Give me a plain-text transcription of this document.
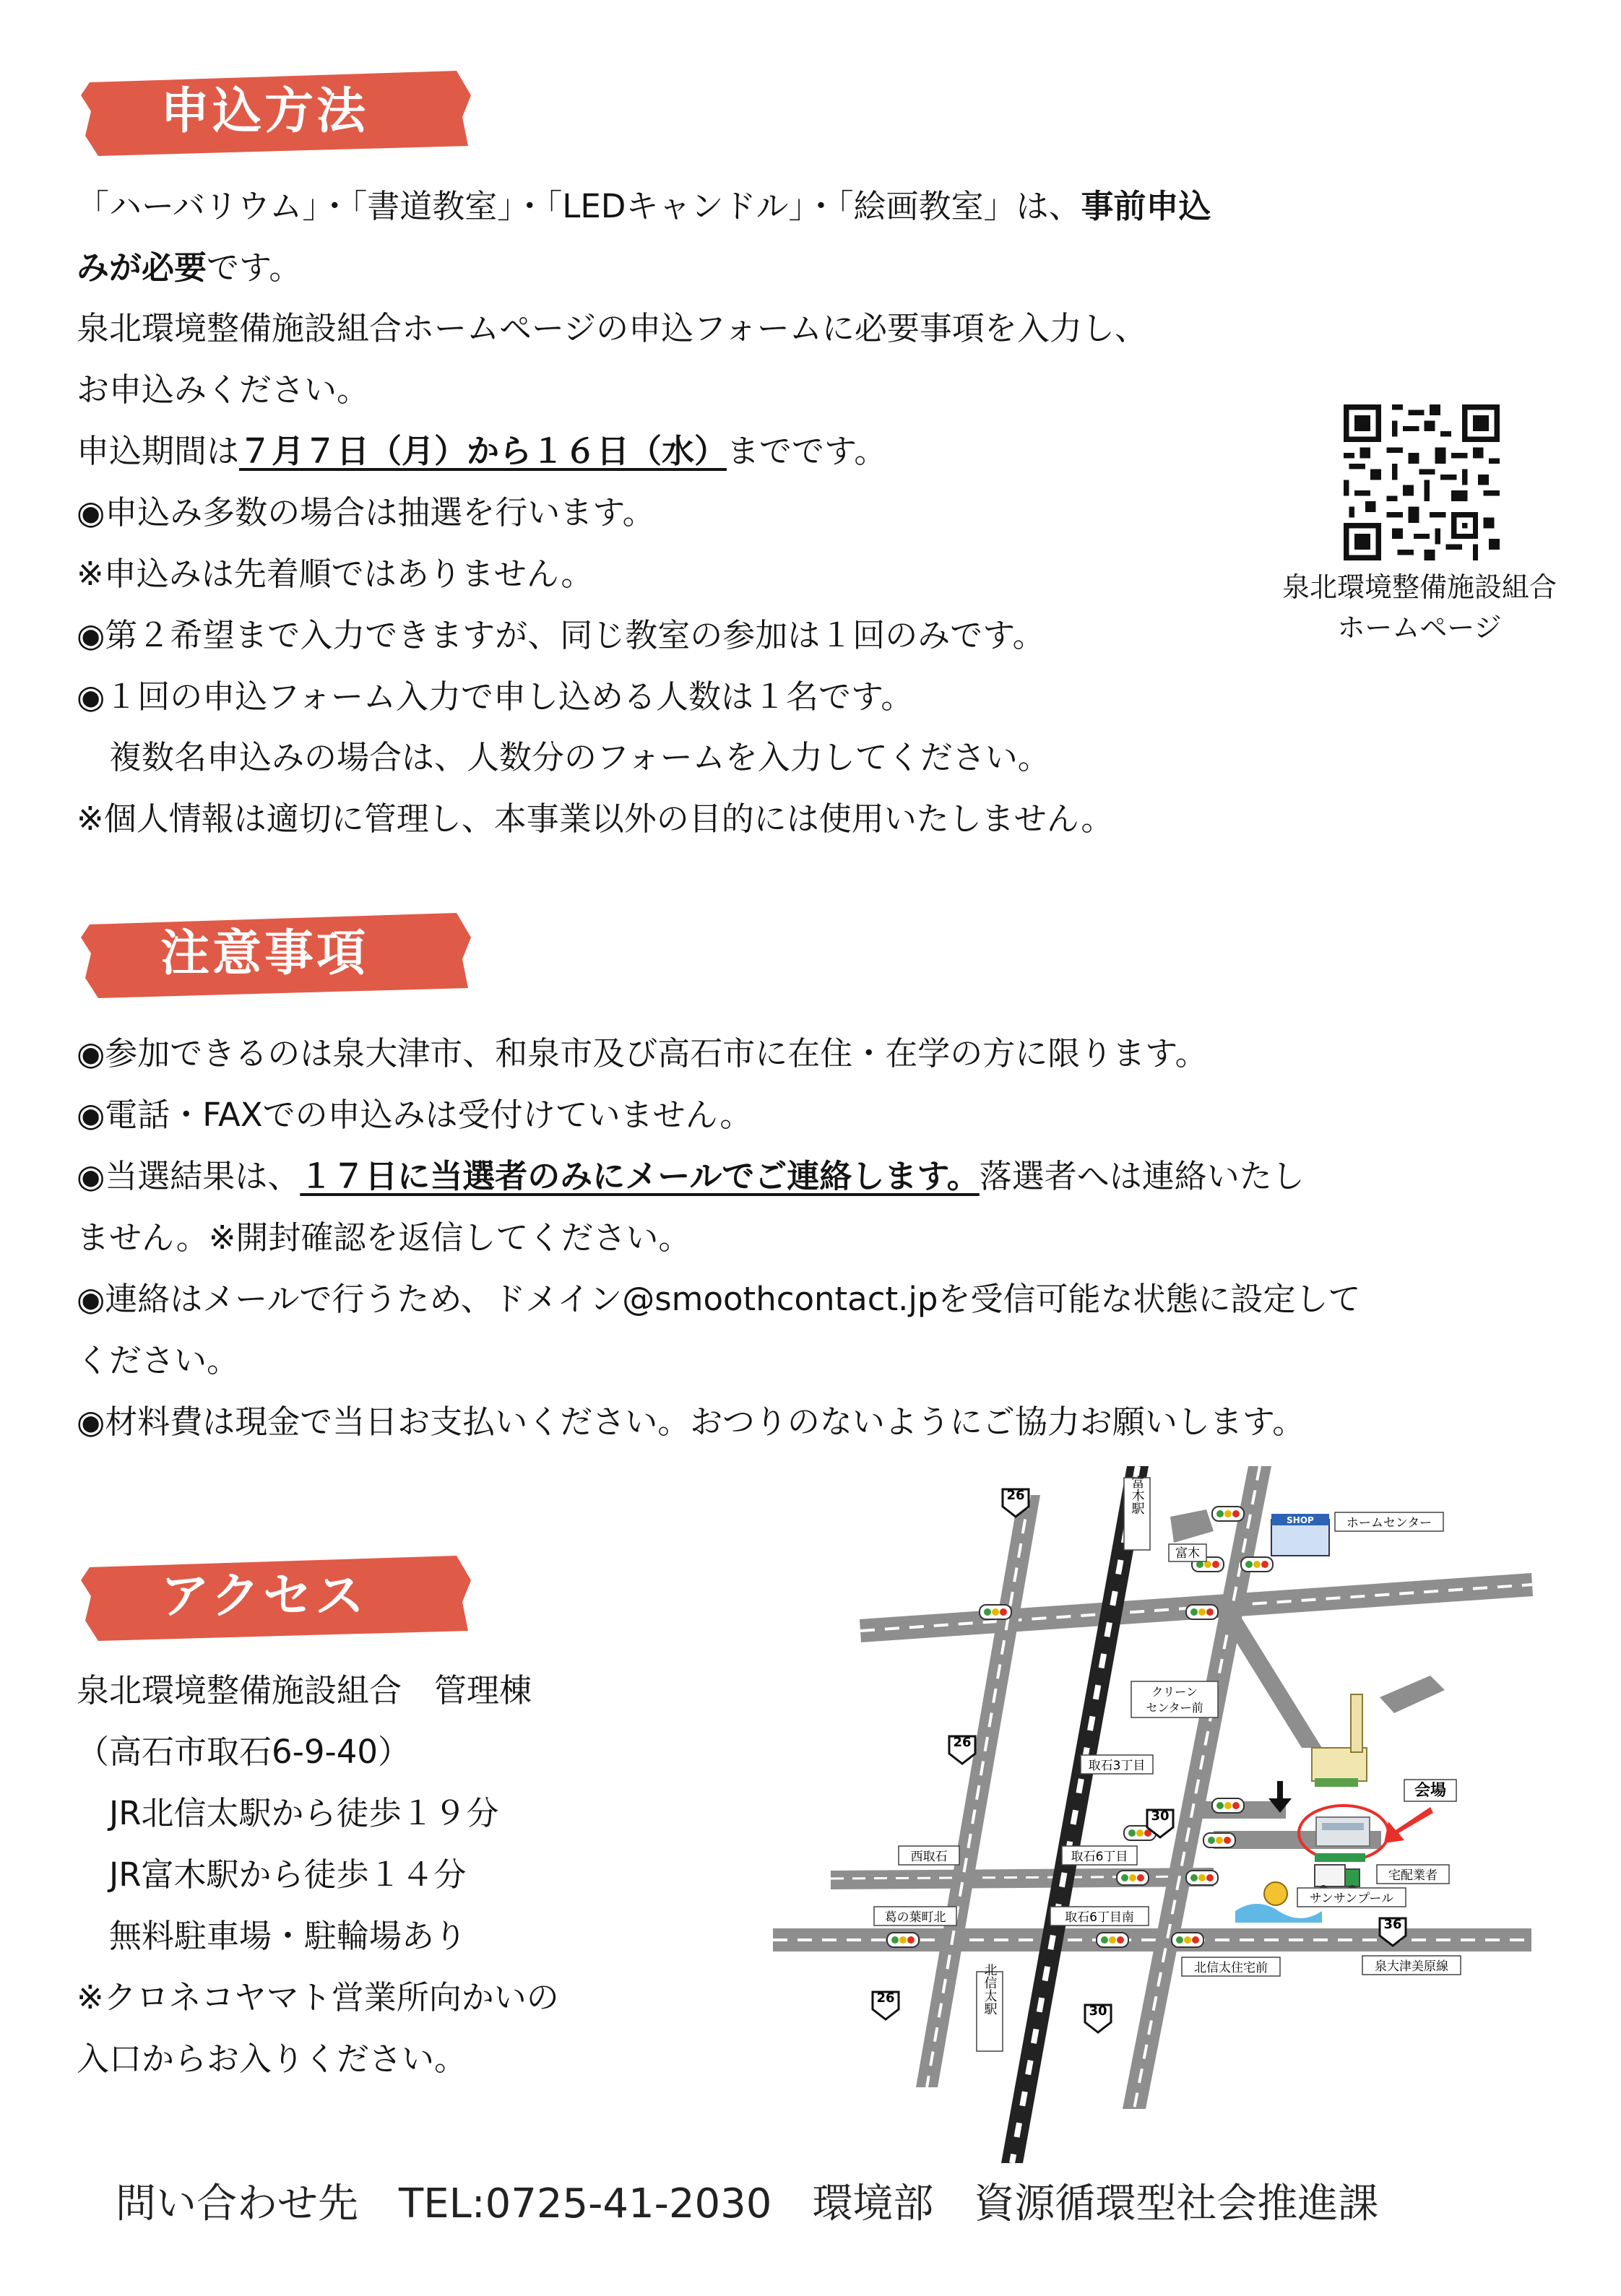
申込方法
注意事項
アクセス
「ハーバリウム」・「書道教室」・「LEDキャンドル」・「絵画教室」は、事前申込
みが必要です。
泉北環境整備施設組合ホームページの申込フォームに必要事項を入力し、
お申込みください。
申込期間は７月７日（月）から１６日（水）までです。
◉申込み多数の場合は抽選を行います。
※申込みは先着順ではありません。
◉第２希望まで入力できますが、同じ教室の参加は１回のみです。
◉１回の申込フォーム入力で申し込める人数は１名です。
　複数名申込みの場合は、人数分のフォームを入力してください。
※個人情報は適切に管理し、本事業以外の目的には使用いたしません。
泉北環境整備施設組合
ホームページ
◉参加できるのは泉大津市、和泉市及び高石市に在住・在学の方に限ります。
◉電話・FAXでの申込みは受付けていません。
◉当選結果は、１７日に当選者のみにメールでご連絡します。落選者へは連絡いたし
ません。※開封確認を返信してください。
◉連絡はメールで行うため、ドメイン@smoothcontact.jpを受信可能な状態に設定して
ください。
◉材料費は現金で当日お支払いください。おつりのないようにご協力お願いします。
泉北環境整備施設組合　管理棟
（高石市取石6-9-40）
　JR北信太駅から徒歩１９分
　JR富木駅から徒歩１４分
　無料駐車場・駐輪場あり
※クロネコヤマト営業所向かいの
入口からお入りください。
26
26
26
30
30
36
SHOP	ホームセンター
富木
富木駅
クリーン
センター前
取石3丁目
会場
西取石	取石6丁目
宅配業者
サンサンプール
葛の葉町北	取石6丁目南
北信太住宅前	泉大津美原線
北信太駅
問い合わせ先　TEL:0725-41-2030　環境部　資源循環型社会推進課
